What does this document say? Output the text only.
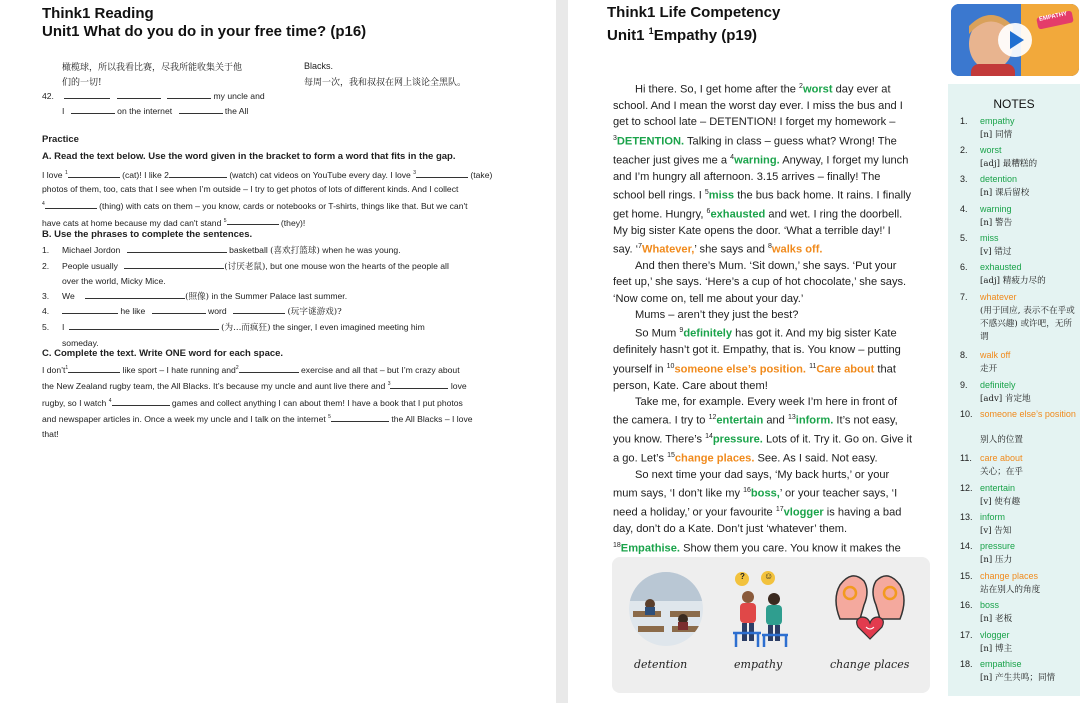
Think1 Reading
Unit1 What do you do in your free time? (p16)
橄榄球，所以我看比赛，尽我所能收集关于他
们的一切!
Blacks.
每周一次，我和叔叔在网上谈论全黑队。
42.	my uncle and
I	on the internet	the All
Practice
A. Read the text below. Use the word given in the bracket to form a word that fits in the gap.
I love $^1$	(cat)! I like 2	(watch) cat videos on YouTube every day. I love $^3$	(take)
photos of them, too, cats that I see when I’m outside – I try to get photos of lots of different kinds. And I collect
$^4$	(thing) with cats on them – you know, cards or notebooks or T-shirts, things like that. But we can't
have cats at home because my dad can't stand $^5$	(they)!
B. Use the phrases to complete the sentences.
1. Michael Jordon	basketball (喜欢打篮球) when he was young.
2. People usually	(讨厌老鼠), but one mouse won the hearts of the people all
over the world, Micky Mice.
3. We	(照像) in the Summer Palace last summer.
4.	he like	word	(玩字谜游戏)?
5. I	(为...而疯狂) the singer, I even imagined meeting him
someday.
C. Complete the text. Write ONE word for each space.
I $don’t^1$	like sport – I hate running and$^2$	exercise and all that – but I’m crazy about
the New Zealand rugby team, the All Blacks. It’s because my uncle and aunt live there and $^3$	love
rugby, so I watch $^4$	games and collect anything I can about them! I have a book that I put photos
and newspaper articles in. Once a week my uncle and I talk on the internet $^5$	the All Blacks – I love
that!
Think1 Life Competency
Unit1 $^1$Empathy (p19)
EMPATHY

Hi there. So, I get home after the $^2$worst day ever at school. And I mean the worst day ever. I miss the bus and I get to school late – DETENTION! I forget my homework – $^3$DETENTION. Talking in class – guess what? Wrong! The teacher just gives me a $^4$warning. Anyway, I forget my lunch and I’m hungry all afternoon. 3.15 arrives – finally! The school bell rings. I $^5$miss the bus back home. It rains. I finally get home. Hungry, $^6$exhausted and wet. I ring the doorbell. My big sister Kate opens the door. ‘What a terrible day!’ I say. ‘$^7$Whatever,’ she says and $^8$walks off.

And then there’s Mum. ‘Sit down,’ she says. ‘Put your feet up,’ she says. ‘Here’s a cup of hot chocolate,’ she says. ‘Now come on, tell me about your day.’

Mums – aren’t they just the best?

So Mum $^9$definitely has got it. And my big sister Kate definitely hasn’t got it. Empathy, that is. You know – putting yourself in $^{10}$someone else’s position. $^{11}$Care about that person, Kate. Care about them!

Take me, for example. Every week I’m here in front of the camera. I try to $^{12}$entertain and $^{13}$inform. It’s not easy, you know. There’s $^{14}$pressure. Lots of it. Try it. Go on. Give it a go. Let’s $^{15}$change places. See. As I said. Not easy.

So next time your dad says, ‘My back hurts,’ or your mum says, ‘I don’t like my $^{16}$boss,’ or your teacher says, ‘I need a holiday,’ or your favourite $^{17}$vlogger is having a bad day, don’t do a Kate. Don’t just ‘whatever’ them. $^{18}$Empathise. Show them you care. You know it makes the

? ☺
detention	empathy	change places
NOTES
1.	empathy
[n] 同情
2.	worst
[adj] 最糟糕的
3.	detention
[n] 课后留校
4.	warning
[n] 警告
5.	miss
[v] 错过
6.	exhausted
[adj] 精疲力尽的
7.	whatever
(用于回应, 表示不在乎或不感兴趣) 或许吧，无所谓
8.	walk off
走开
9.	definitely
[adv] 肯定地
10. someone else’s position
别人的位置
11. care about
关心；在乎
12. entertain
[v] 使有趣
13. inform
[v] 告知
14. pressure
[n] 压力
15. change places
站在别人的角度
16. boss
[n] 老板
17. vlogger
[n] 博主
18. empathise
[n] 产生共鸣；同情
